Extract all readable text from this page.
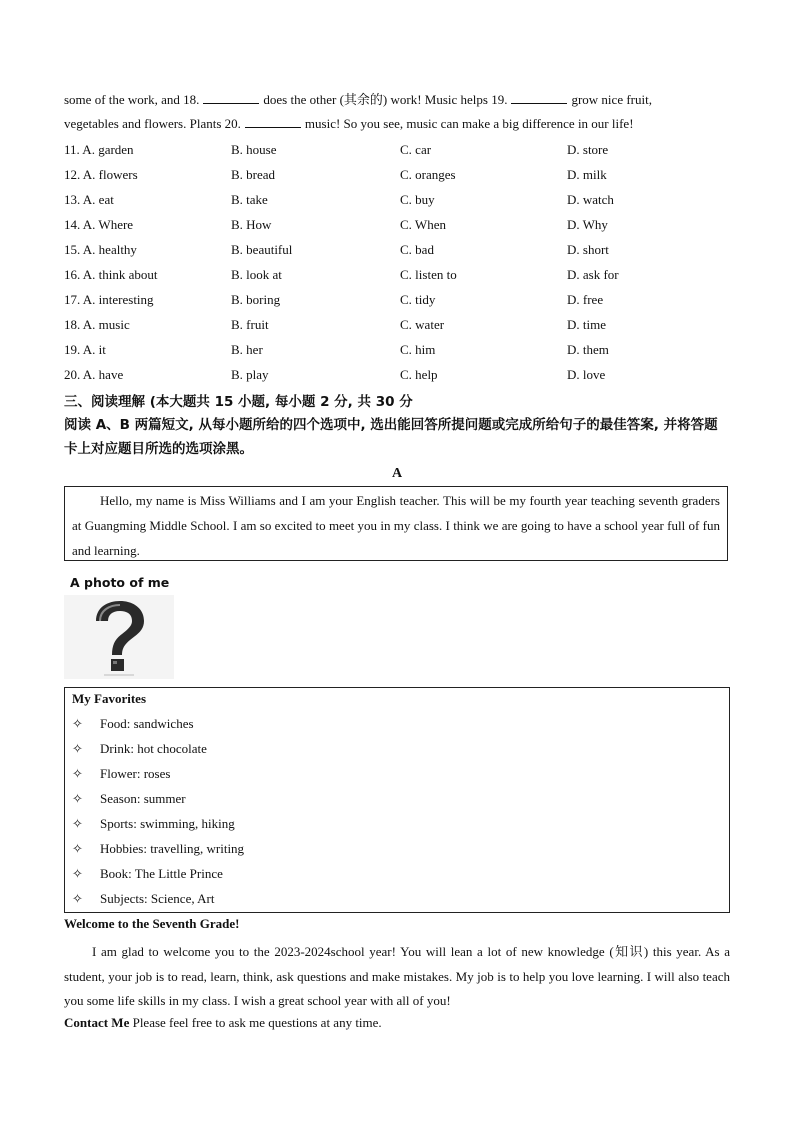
some of the work, and 18.	does the other (其余的) work! Music helps 19.	grow nice fruit,
vegetables and flowers. Plants 20.	music! So you see, music can make a big difference in our life!
11. A. garden	B. house	C. car	D. store
12. A. flowers	B. bread	C. oranges	D. milk
13. A. eat	B. take	C. buy	D. watch
14. A. Where	B. How	C. When	D. Why
15. A. healthy	B. beautiful	C. bad	D. short
16. A. think about	B. look at	C. listen to	D. ask for
17. A. interesting	B. boring	C. tidy	D. free
18. A. music	B. fruit	C. water	D. time
19. A. it	B. her	C. him	D. them
20. A. have	B. play	C. help	D. love
三、阅读理解 (本大题共 15 小题, 每小题 2 分, 共 30 分
阅读 A、B 两篇短文, 从每小题所给的四个选项中, 选出能回答所提问题或完成所给句子的最佳答案, 并将答题卡上对应题目所选的选项涂黑。
A

Hello, my name is Miss Williams and I am your English teacher. This will be my fourth year teaching seventh graders at Guangming Middle School. I am so excited to meet you in my class. I think we are going to have a school year full of fun and learning.

A photo of me
My Favorites
✧ Food: sandwiches
✧ Drink: hot chocolate
✧ Flower: roses
✧ Season: summer
✧ Sports: swimming, hiking
✧ Hobbies: travelling, writing
✧ Book: The Little Prince
✧ Subjects: Science, Art
Welcome to the Seventh Grade!
I am glad to welcome you to the 2023-2024school year! You will lean a lot of new knowledge (知识) this year. As a student, your job is to read, learn, think, ask questions and make mistakes. My job is to help you love learning. I will also teach you some life skills in my class. I wish a great school year with all of you!
Contact Me Please feel free to ask me questions at any time.
